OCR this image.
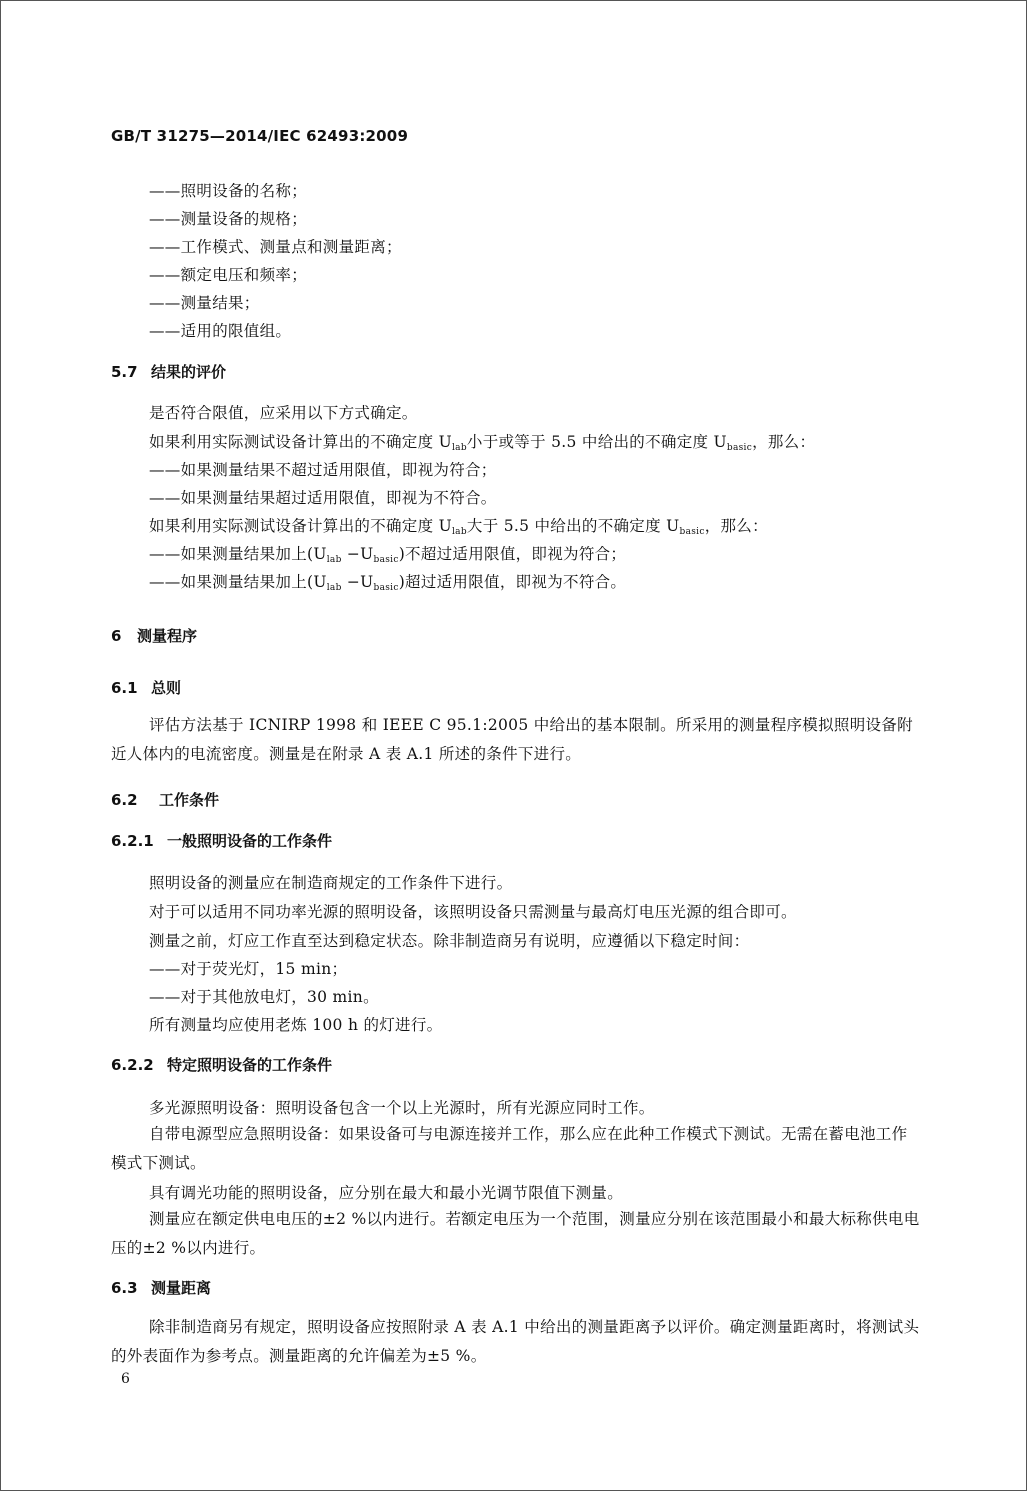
GB/T 31275—2014/IEC 62493:2009
——照明设备的名称；
——测量设备的规格；
——工作模式、测量点和测量距离；
——额定电压和频率；
——测量结果；
——适用的限值组。
5.7 结果的评价
是否符合限值，应采用以下方式确定。
如果利用实际测试设备计算出的不确定度 $U_{lab}$小于或等于 5.5 中给出的不确定度 $U_{basic}$，那么：
——如果测量结果不超过适用限值，即视为符合；
——如果测量结果超过适用限值，即视为不符合。
如果利用实际测试设备计算出的不确定度 $U_{lab}$大于 5.5 中给出的不确定度 $U_{basic}$，那么：
——如果测量结果加上$(U_{lab} -U_{basic})$不超过适用限值，即视为符合；
——如果测量结果加上$(U_{lab} -U_{basic})$超过适用限值，即视为不符合。
6 测量程序
6.1 总则
评估方法基于 ICNIRP 1998 和 IEEE C 95.1:2005 中给出的基本限制。所采用的测量程序模拟照明设备附近人体内的电流密度。测量是在附录 A 表 A.1 所述的条件下进行。
6.2 工作条件
6.2.1 一般照明设备的工作条件
照明设备的测量应在制造商规定的工作条件下进行。
对于可以适用不同功率光源的照明设备，该照明设备只需测量与最高灯电压光源的组合即可。
测量之前，灯应工作直至达到稳定状态。除非制造商另有说明，应遵循以下稳定时间：
——对于荧光灯，15 min；
——对于其他放电灯，30 min。
所有测量均应使用老炼 100 h 的灯进行。
6.2.2 特定照明设备的工作条件
多光源照明设备：照明设备包含一个以上光源时，所有光源应同时工作。
自带电源型应急照明设备：如果设备可与电源连接并工作，那么应在此种工作模式下测试。无需在蓄电池工作模式下测试。
具有调光功能的照明设备，应分别在最大和最小光调节限值下测量。
测量应在额定供电电压的±2 %以内进行。若额定电压为一个范围，测量应分别在该范围最小和最大标称供电电压的±2 %以内进行。
6.3 测量距离
除非制造商另有规定，照明设备应按照附录 A 表 A.1 中给出的测量距离予以评价。确定测量距离时，将测试头的外表面作为参考点。测量距离的允许偏差为±5 %。
6
